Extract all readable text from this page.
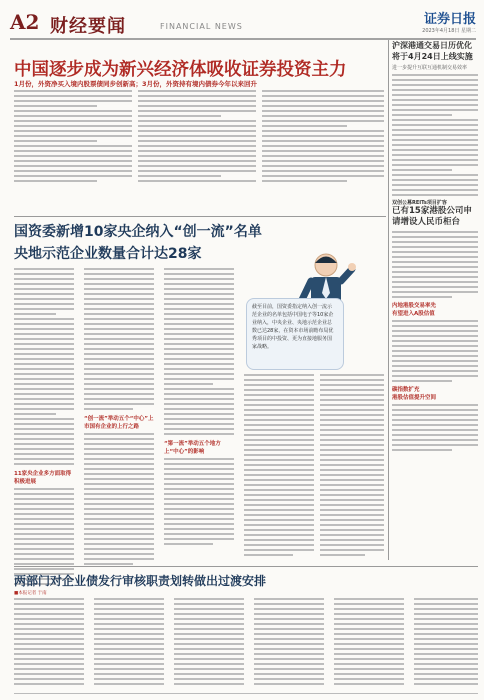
A2 财经要闻	FINANCIAL NEWS	证券日报
2023年4月18日 星期二
中国逐步成为新兴经济体吸收证券投资主力
1月份，外资净买入境内股票债同步创新高；3月份，外资持有境内债券今年以来回升
沪深港通交易日历优化将于4月24日上线实施
进一步提升互联互通机制交易效率
双创公募REITs项目扩容
已有15家港股公司申请增设人民币柜台
内地港股交易率先
有望进入A股估值
碳指数扩充
港股估值提升空间
国资委新增10家央企纳入“创一流”名单
央地示范企业数量合计达28家
截至目前，国资委指定纳入创一流示范企业的名单包括中国电子等10家企业纳入，中央企业、央地示范企业总数已达28家，在资本市场前瞻布局优秀项目的中投资、更为直接地服务国家战略。
11家央企业多方面取得积极进展
“创一流”举动五个“中心”上市国有企业的上行之路
“第一流”举动五个地方上“中心”的影响
两部门对企业债发行审核职责划转做出过渡安排
■本报记者 于南
